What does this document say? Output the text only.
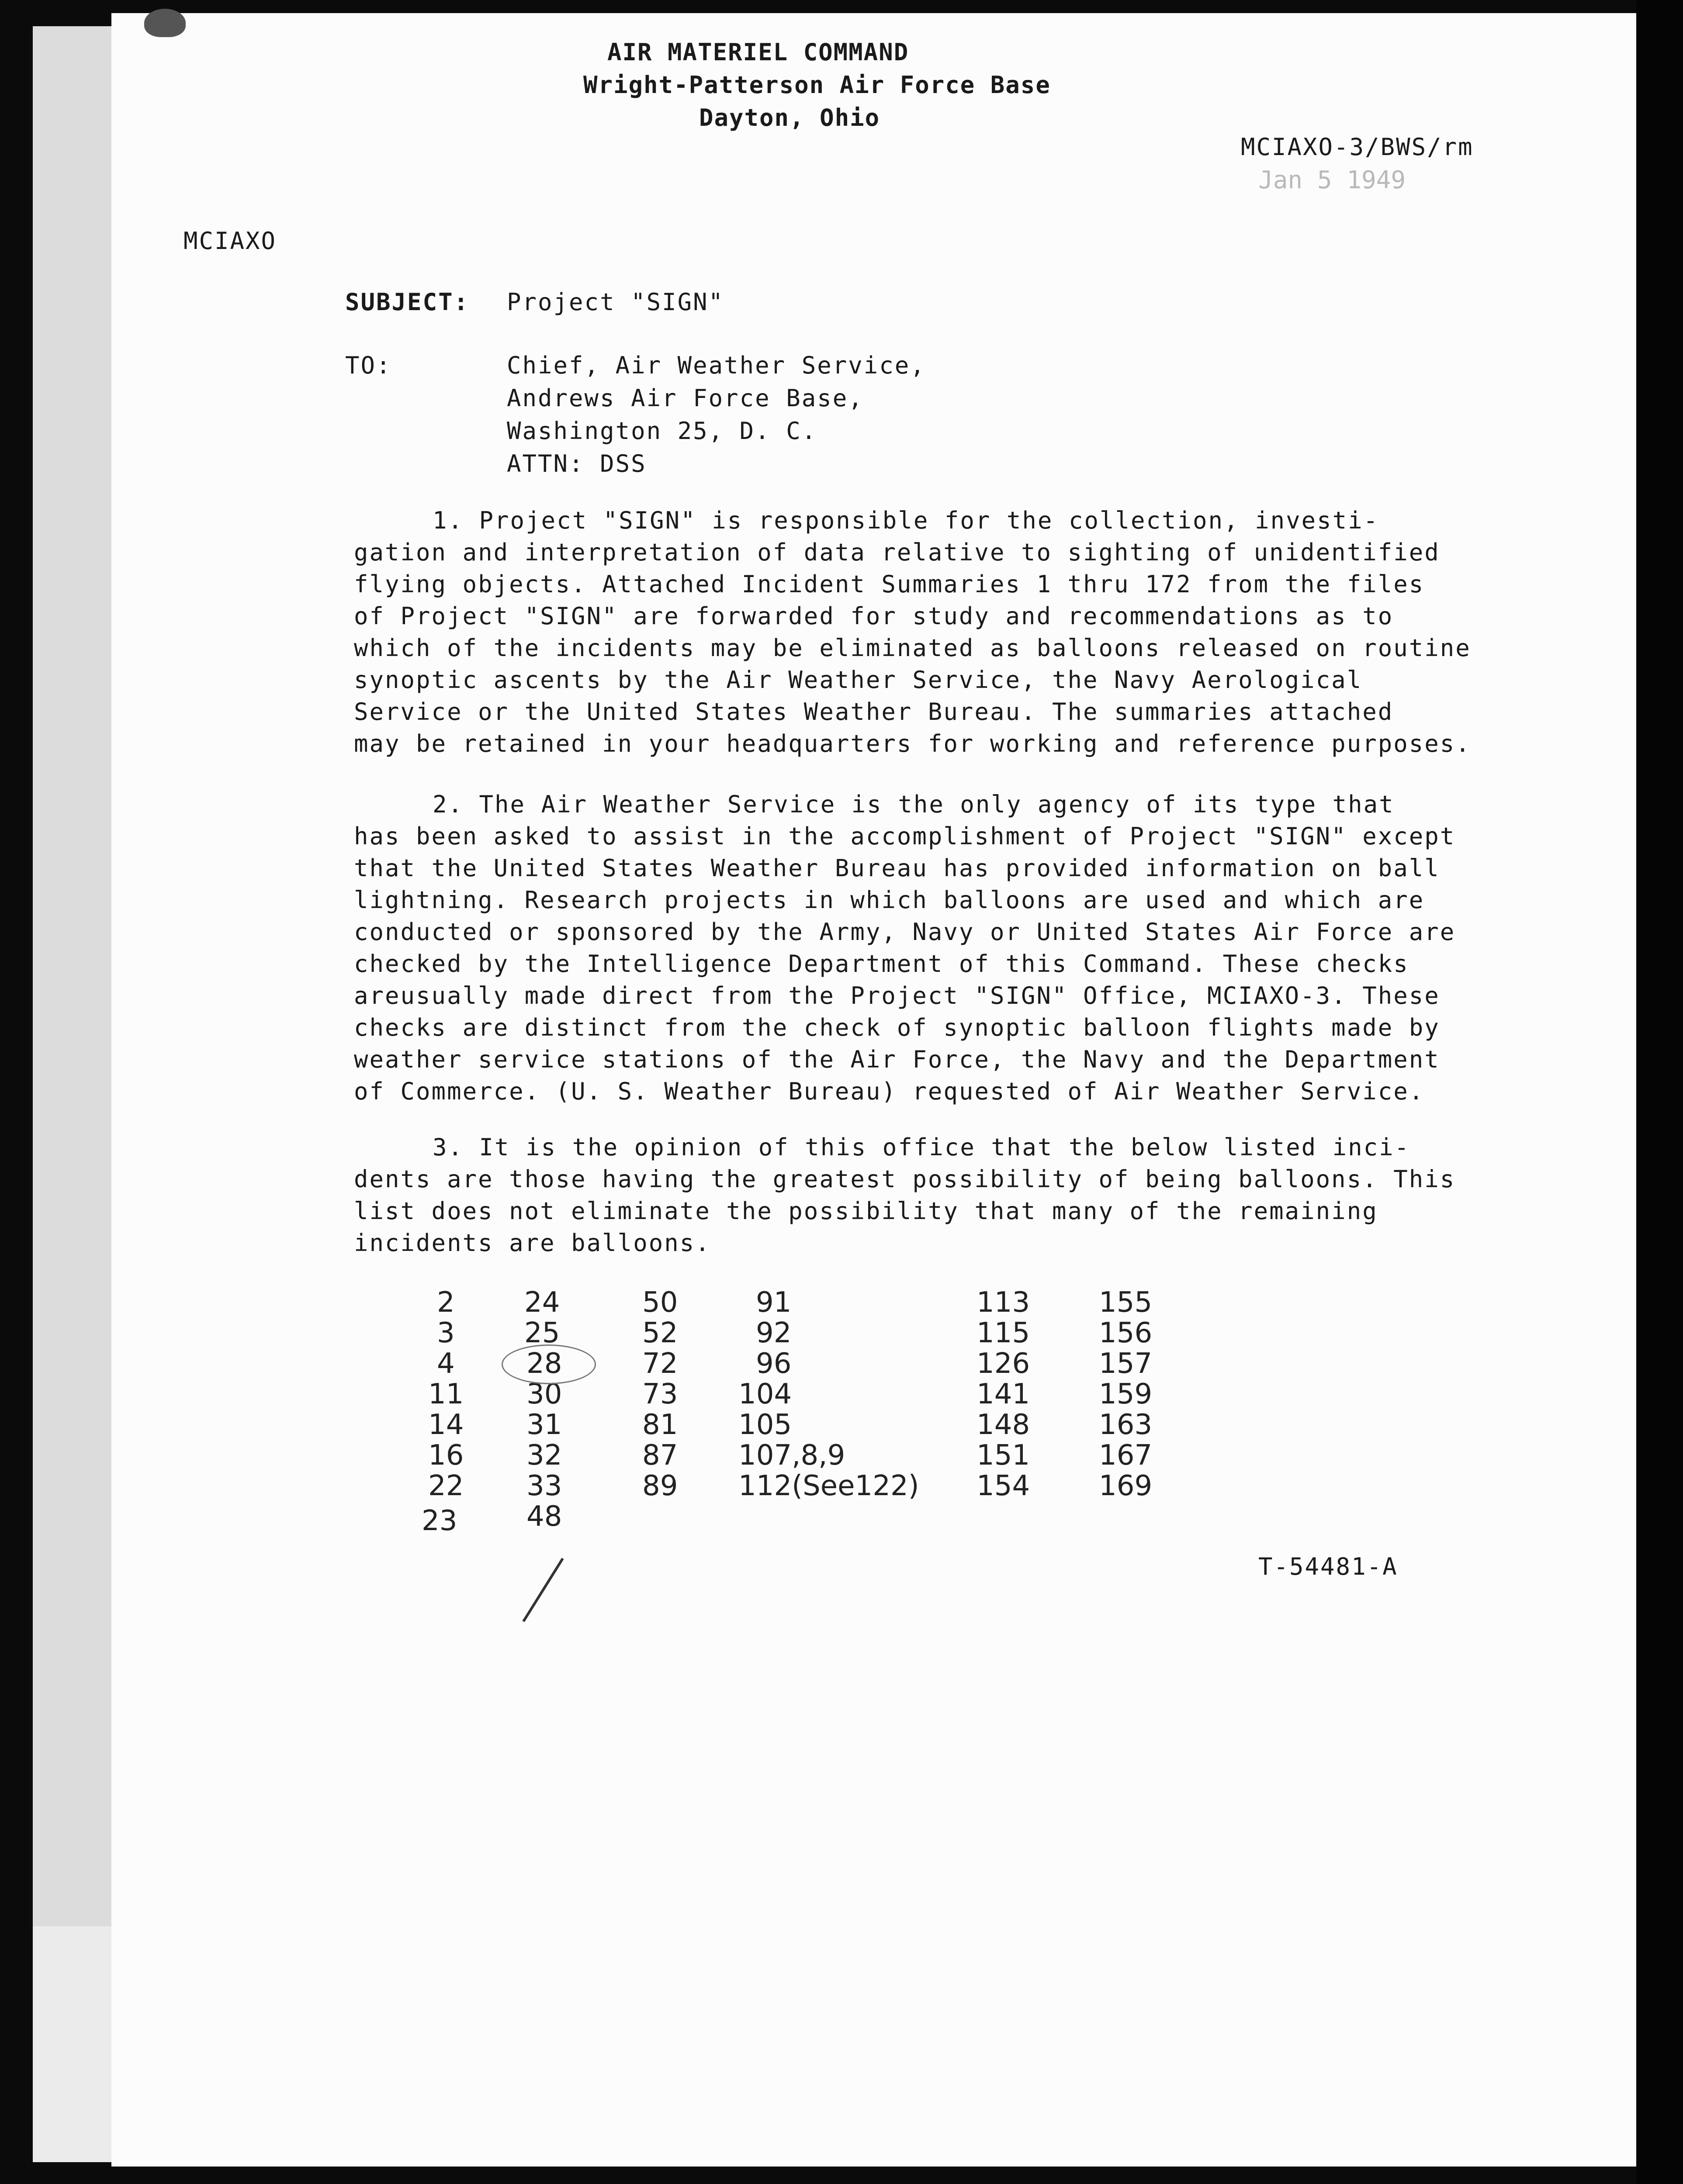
AIR MATERIEL COMMAND
Wright-Patterson Air Force Base
Dayton, Ohio
MCIAXO-3/BWS/rm
Jan 5 1949
MCIAXO
SUBJECT: Project "SIGN"
TO:	Chief, Air Weather Service,
Andrews Air Force Base,
Washington 25, D. C.
ATTN: DSS
1. Project "SIGN" is responsible for the collection, investi-
gation and interpretation of data relative to sighting of unidentified
flying objects. Attached Incident Summaries 1 thru 172 from the files
of Project "SIGN" are forwarded for study and recommendations as to
which of the incidents may be eliminated as balloons released on routine
synoptic ascents by the Air Weather Service, the Navy Aerological
Service or the United States Weather Bureau. The summaries attached
may be retained in your headquarters for working and reference purposes.
2. The Air Weather Service is the only agency of its type that
has been asked to assist in the accomplishment of Project "SIGN" except
that the United States Weather Bureau has provided information on ball
lightning. Research projects in which balloons are used and which are
conducted or sponsored by the Army, Navy or United States Air Force are
checked by the Intelligence Department of this Command. These checks
areusually made direct from the Project "SIGN" Office, MCIAXO-3. These
checks are distinct from the check of synoptic balloon flights made by
weather service stations of the Air Force, the Navy and the Department
of Commerce. (U. S. Weather Bureau) requested of Air Weather Service.
3. It is the opinion of this office that the below listed inci-
dents are those having the greatest possibility of being balloons. This
list does not eliminate the possibility that many of the remaining
incidents are balloons.
2
3
4
11
14
16
22
23
24
25
28
30
31
32
33
48
50
52
72
73
81
87
89
91
92
96
104
105
107,8,9
112(See122)
113
115
126
141
148
151
154
155
156
157
159
163
167
169
T-54481-A
